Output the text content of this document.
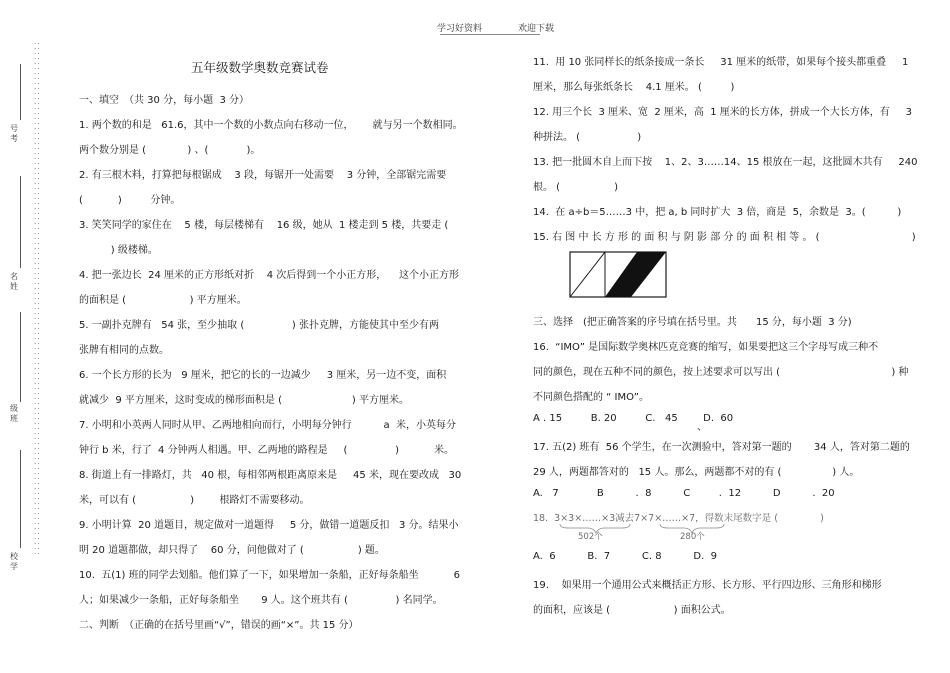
学习好资料	欢迎下载
··············································································································································································································
号考
名姓
级班
校学
五年级数学奥数竞赛试卷
一、填空　（共 30 分，每小题  3 分）
1. 两个数的和是   61.6，其中一个数的小数点向右移动一位，      就与另一个数相同。
两个数分别是 (             ) 、(            )。
2. 有三根木料，打算把每根锯成    3 段，每锯开一处需要    3 分钟，全部锯完需要
(           )         分钟。
3. 笑笑同学的家住在    5 楼，每层楼梯有    16 级，她从  1 楼走到 5 楼，共要走 (
) 级楼梯。
4. 把一张边长  24 厘米的正方形纸对折    4 次后得到一个小正方形，    这个小正方形
的面积是 (                    ) 平方厘米。
5. 一副扑克牌有   54 张，至少抽取 (               ) 张扑克牌，方能使其中至少有两
张牌有相同的点数。
6. 一个长方形的长为   9 厘米，把它的长的一边减少     3 厘米，另一边不变，面积
就减少  9 平方厘米，这时变成的梯形面积是 (                      ) 平方厘米。
7. 小明和小英两人同时从甲、乙两地相向而行，小明每分钟行          a  米，小英每分
钟行 b 米，行了  4 分钟两人相遇。甲、乙两地的路程是     (               )           米。
8. 街道上有一排路灯，共   40 根，每相邻两根距离原来是     45 米，现在要改成   30
米，可以有 (                 )        根路灯不需要移动。
9. 小明计算  20 道题目，规定做对一道题得     5 分，做错一道题反扣   3 分。结果小
明 20 道题都做，却只得了    60 分，问他做对了 (                 ) 题。
10.  五(1) 班的同学去划船。他们算了一下，如果增加一条船，正好每条船坐           6
人；如果减少一条船，正好每条船坐       9 人。这个班共有 (               ) 名同学。
二、判断　（正确的在括号里画“√”，错误的画“×”。共 15 分）
11.  用 10 张同样长的纸条接成一条长     31 厘米的纸带，如果每个接头都重叠     1
厘米，那么每张纸条长    4.1 厘米。 (         )
12. 用三个长  3 厘米、宽  2 厘米，高  1 厘米的长方体，拼成一个大长方体，有     3
种拼法。 (                  )
13. 把一批圆木自上而下按    1、2、3……14、15 根放在一起，这批圆木共有     240
根。 (                 )
14.  在 a÷b＝5……3 中，把 a, b 同时扩大  3 倍，商是  5，余数是  3。(          )
15. 右 图 中 长 方 形 的 面 积 与 阴 影 部 分 的 面 积 相 等 。 (                             )
三、选择　(把正确答案的序号填在括号里。共      15 分，每小题  3 分)
16.  “IMO” 是国际数学奥林匹克竞赛的缩写，如果要把这三个字母写成三种不
同的颜色，现在五种不同的颜色，按上述要求可以写出 (                                   ) 种
不同颜色搭配的 “ IMO”。
A . 15         B. 20         C.   45        D.  60
、
17. 五(2) 班有  56 个学生，在一次测验中，答对第一题的       34 人，答对第二题的
29 人，两题都答对的   15 人。那么，两题都不对的有 (                ) 人。
A.   7            B          .  8          C         .  12          D          .  20
18.  3×3×……×3减去7×7×……×7，得数末尾数字是 (              )
502个	280个
A.  6          B.  7          C. 8          D.  9
19.    如果用一个通用公式来概括正方形、长方形、平行四边形、三角形和梯形
的面积，应该是 (                    ) 面积公式。
